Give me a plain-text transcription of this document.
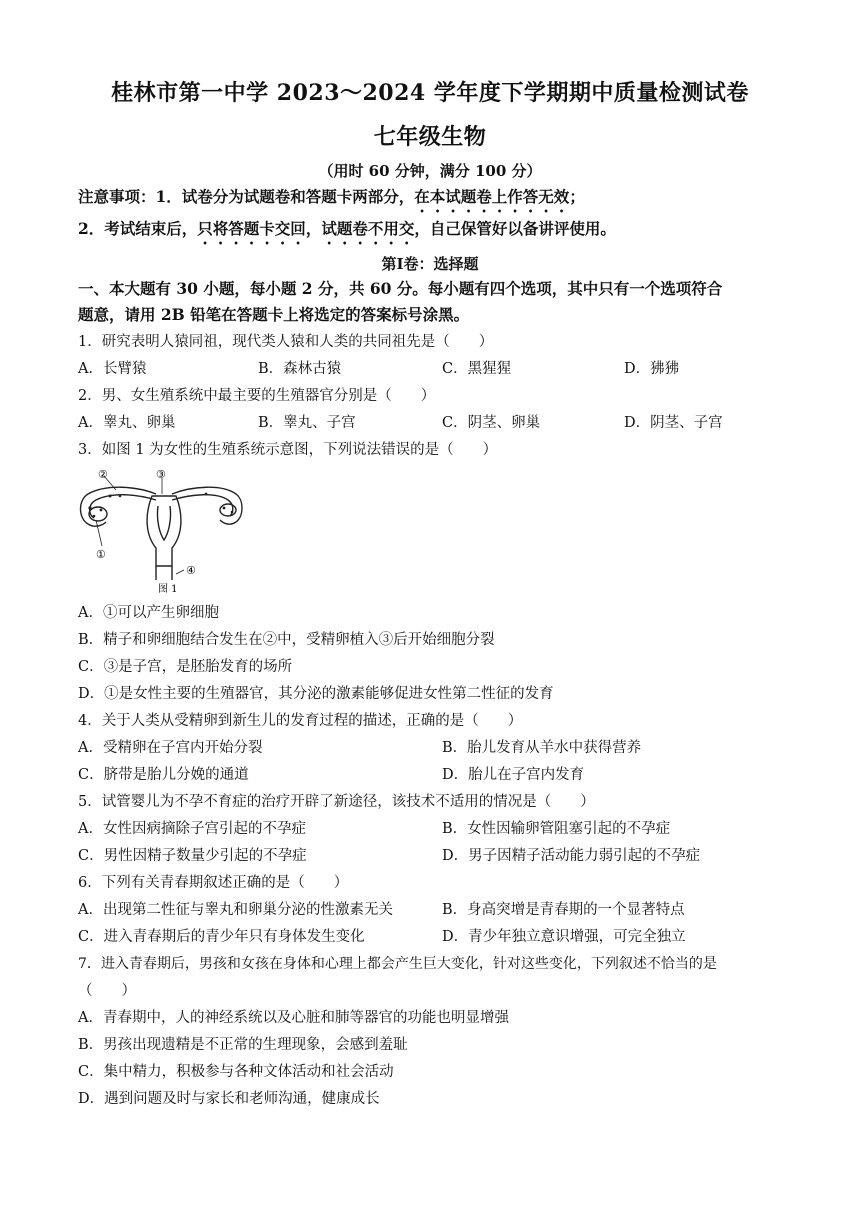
桂林市第一中学 2023～2024 学年度下学期期中质量检测试卷
七年级生物
（用时 60 分钟，满分 100 分）
注意事项：1．试卷分为试题卷和答题卡两部分，在本试题卷上作答无效；
2．考试结束后，只将答题卡交回，试题卷不用交，自己保管好以备讲评使用。
第Ⅰ卷：选择题
一、本大题有 30 小题，每小题 2 分，共 60 分。每小题有四个选项，其中只有一个选项符合
题意，请用 2B 铅笔在答题卡上将选定的答案标号涂黑。
1．研究表明人猿同祖，现代类人猿和人类的共同祖先是（　　）
A．长臂猿	B．森林古猿	C．黑猩猩	D．狒狒
2．男、女生殖系统中最主要的生殖器官分别是（　　）
A．睾丸、卵巢	B．睾丸、子宫	C．阴茎、卵巢	D．阴茎、子宫
3．如图 1 为女性的生殖系统示意图，下列说法错误的是（　　）
②	③
①
④
图 1
A．①可以产生卵细胞
B．精子和卵细胞结合发生在②中，受精卵植入③后开始细胞分裂
C．③是子宫，是胚胎发育的场所
D．①是女性主要的生殖器官，其分泌的激素能够促进女性第二性征的发育
4．关于人类从受精卵到新生儿的发育过程的描述，正确的是（　　）
A．受精卵在子宫内开始分裂	B．胎儿发育从羊水中获得营养
C．脐带是胎儿分娩的通道	D．胎儿在子宫内发育
5．试管婴儿为不孕不育症的治疗开辟了新途径，该技术不适用的情况是（　　）
A．女性因病摘除子宫引起的不孕症	B．女性因输卵管阻塞引起的不孕症
C．男性因精子数量少引起的不孕症	D．男子因精子活动能力弱引起的不孕症
6．下列有关青春期叙述正确的是（　　）
A．出现第二性征与睾丸和卵巢分泌的性激素无关	B．身高突增是青春期的一个显著特点
C．进入青春期后的青少年只有身体发生变化	D．青少年独立意识增强，可完全独立
7．进入青春期后，男孩和女孩在身体和心理上都会产生巨大变化，针对这些变化，下列叙述不恰当的是
（　　）
A．青春期中，人的神经系统以及心脏和肺等器官的功能也明显增强
B．男孩出现遗精是不正常的生理现象，会感到羞耻
C．集中精力，积极参与各种文体活动和社会活动
D．遇到问题及时与家长和老师沟通，健康成长
